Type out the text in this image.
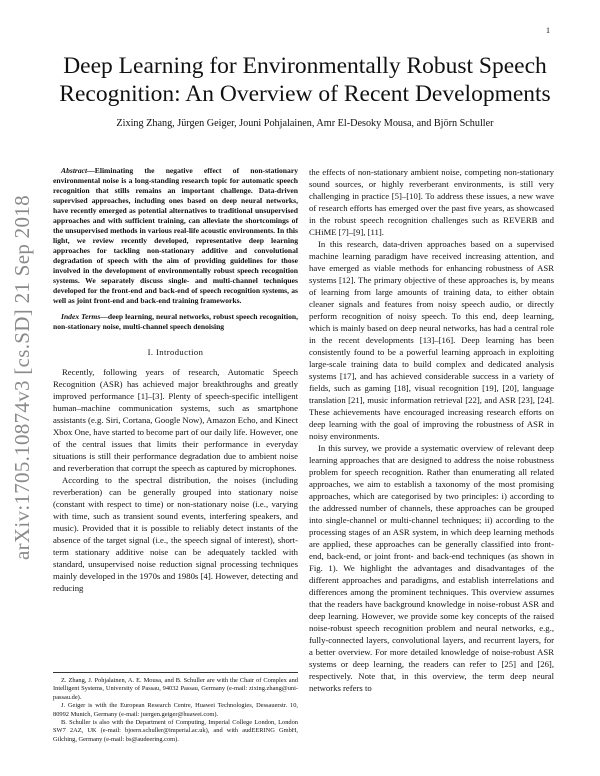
1
arXiv:1705.10874v3 [cs.SD] 21 Sep 2018
Deep Learning for Environmentally Robust Speech Recognition: An Overview of Recent Developments
Zixing Zhang, Jürgen Geiger, Jouni Pohjalainen, Amr El-Desoky Mousa, and Björn Schuller

Abstract—Eliminating the negative effect of non-stationary environmental noise is a long-standing research topic for automatic speech recognition that stills remains an important challenge. Data-driven supervised approaches, including ones based on deep neural networks, have recently emerged as potential alternatives to traditional unsupervised approaches and with sufficient training, can alleviate the shortcomings of the unsupervised methods in various real-life acoustic environments. In this light, we review recently developed, representative deep learning approaches for tackling non-stationary additive and convolutional degradation of speech with the aim of providing guidelines for those involved in the development of environmentally robust speech recognition systems. We separately discuss single- and multi-channel techniques developed for the front-end and back-end of speech recognition systems, as well as joint front-end and back-end training frameworks.

Index Terms—deep learning, neural networks, robust speech recognition, non-stationary noise, multi-channel speech denoising

I. Introduction

Recently, following years of research, Automatic Speech Recognition (ASR) has achieved major breakthroughs and greatly improved performance [1]–[3]. Plenty of speech-specific intelligent human–machine communication systems, such as smartphone assistants (e.g. Siri, Cortana, Google Now), Amazon Echo, and Kinect Xbox One, have started to become part of our daily life. However, one of the central issues that limits their performance in everyday situations is still their performance degradation due to ambient noise and reverberation that corrupt the speech as captured by microphones.

According to the spectral distribution, the noises (including reverberation) can be generally grouped into stationary noise (constant with respect to time) or non-stationary noise (i.e., varying with time, such as transient sound events, interfering speakers, and music). Provided that it is possible to reliably detect instants of the absence of the target signal (i.e., the speech signal of interest), short-term stationary additive noise can be adequately tackled with standard, unsupervised noise reduction signal processing techniques mainly developed in the 1970s and 1980s [4]. However, detecting and reducing

Z. Zhang, J. Pohjalainen, A. E. Mousa, and B. Schuller are with the Chair of Complex and Intelligent Systems, University of Passau, 94032 Passau, Germany (e-mail: zixing.zhang@uni-passau.de).

J. Geiger is with the European Research Centre, Huawei Technologies, Dessauerstr. 10, 80992 Munich, Germany (e-mail: juergen.geiger@huawei.com).

B. Schuller is also with the Department of Computing, Imperial College London, London SW7 2AZ, UK (e-mail: bjoern.schuller@imperial.ac.uk), and with audEERING GmbH, Gilching, Germany (e-mail: bs@audeering.com).

the effects of non-stationary ambient noise, competing non-stationary sound sources, or highly reverberant environments, is still very challenging in practice [5]–[10]. To address these issues, a new wave of research efforts has emerged over the past five years, as showcased in the robust speech recognition challenges such as REVERB and CHiME [7]–[9], [11].

In this research, data-driven approaches based on a supervised machine learning paradigm have received increasing attention, and have emerged as viable methods for enhancing robustness of ASR systems [12]. The primary objective of these approaches is, by means of learning from large amounts of training data, to either obtain cleaner signals and features from noisy speech audio, or directly perform recognition of noisy speech. To this end, deep learning, which is mainly based on deep neural networks, has had a central role in the recent developments [13]–[16]. Deep learning has been consistently found to be a powerful learning approach in exploiting large-scale training data to build complex and dedicated analysis systems [17], and has achieved considerable success in a variety of fields, such as gaming [18], visual recognition [19], [20], language translation [21], music information retrieval [22], and ASR [23], [24]. These achievements have encouraged increasing research efforts on deep learning with the goal of improving the robustness of ASR in noisy environments.

In this survey, we provide a systematic overview of relevant deep learning approaches that are designed to address the noise robustness problem for speech recognition. Rather than enumerating all related approaches, we aim to establish a taxonomy of the most promising approaches, which are categorised by two principles: i) according to the addressed number of channels, these approaches can be grouped into single-channel or multi-channel techniques; ii) according to the processing stages of an ASR system, in which deep learning methods are applied, these approaches can be generally classified into front-end, back-end, or joint front- and back-end techniques (as shown in Fig. 1). We highlight the advantages and disadvantages of the different approaches and paradigms, and establish interrelations and differences among the prominent techniques. This overview assumes that the readers have background knowledge in noise-robust ASR and deep learning. However, we provide some key concepts of the raised noise-robust speech recognition problem and neural networks, e.g., fully-connected layers, convolutional layers, and recurrent layers, for a better overview. For more detailed knowledge of noise-robust ASR systems or deep learning, the readers can refer to [25] and [26], respectively. Note that, in this overview, the term deep neural networks refers to
